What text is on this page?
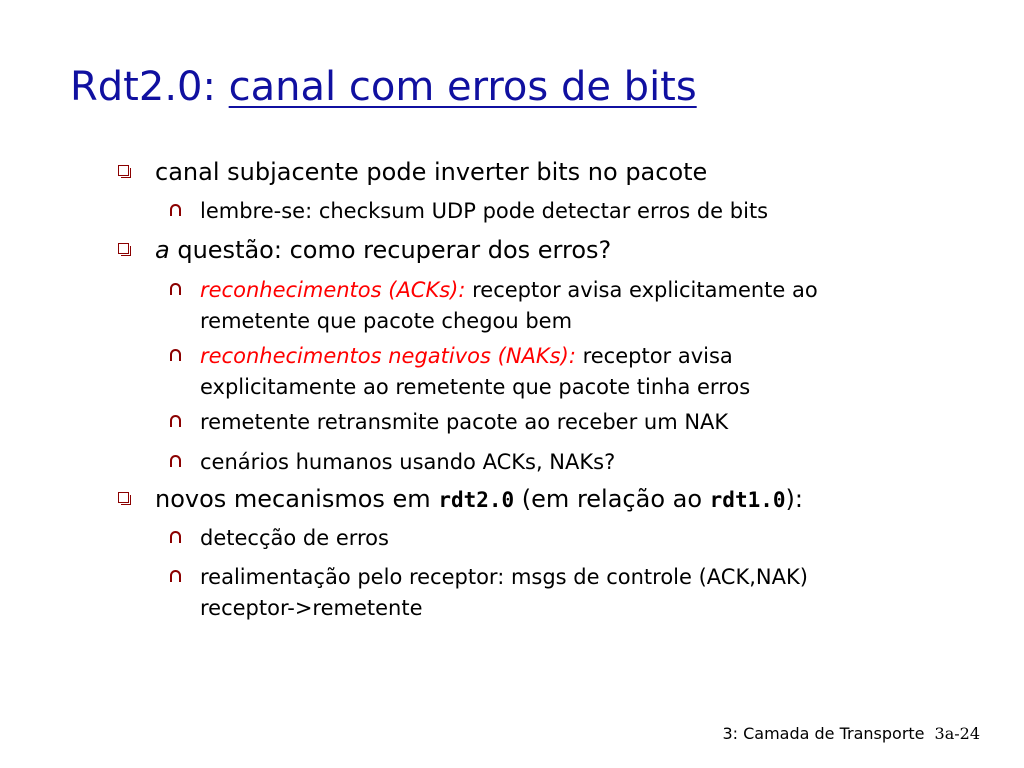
Rdt2.0: canal com erros de bits
canal subjacente pode inverter bits no pacote
lembre-se: checksum UDP pode detectar erros de bits
a questão: como recuperar dos erros?
reconhecimentos (ACKs): receptor avisa explicitamente ao
remetente que pacote chegou bem
reconhecimentos negativos (NAKs): receptor avisa
explicitamente ao remetente que pacote tinha erros
remetente retransmite pacote ao receber um NAK
cenários humanos usando ACKs, NAKs?
novos mecanismos em rdt2.0 (em relação ao rdt1.0):
detecção de erros
realimentação pelo receptor: msgs de controle (ACK,NAK)
receptor->remetente
3: Camada de Transporte 3a-24
